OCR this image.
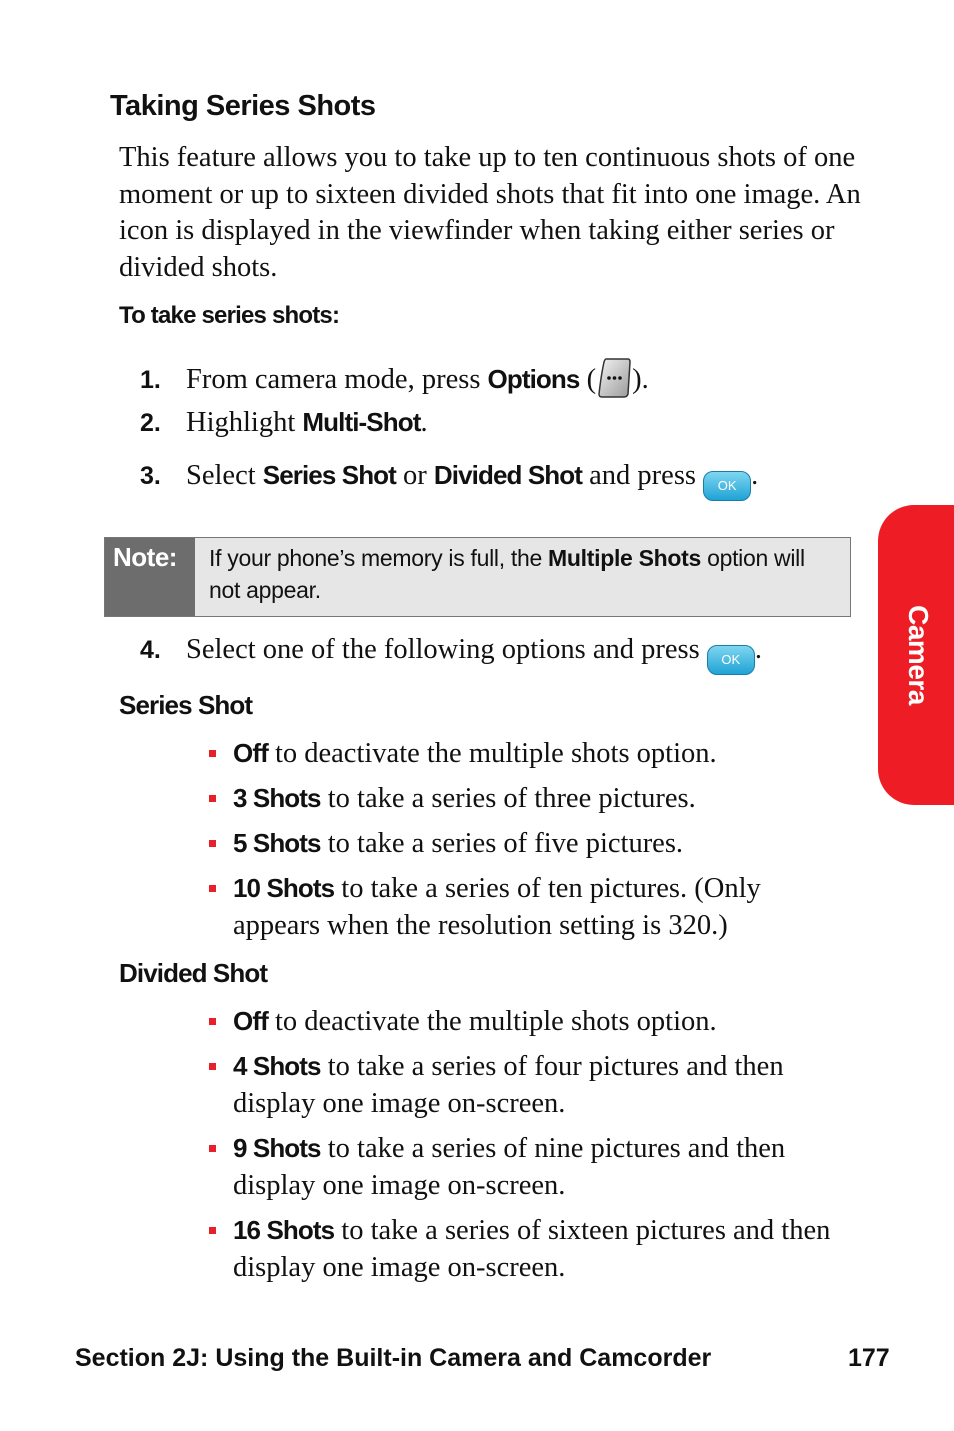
Taking Series Shots
This feature allows you to take up to ten continuous shots of one moment or up to sixteen divided shots that fit into one image. An icon is displayed in the viewfinder when taking either series or divided shots.
To take series shots:
1. From camera mode, press Options ( ).
2. Highlight Multi-Shot.
3. Select Series Shot or Divided Shot and press OK .
Note:	If your phone’s memory is full, the Multiple Shots option will not appear.
4. Select one of the following options and press OK .
Series Shot
Off to deactivate the multiple shots option.
3 Shots to take a series of three pictures.
5 Shots to take a series of five pictures.
10 Shots to take a series of ten pictures. (Only appears when the resolution setting is 320.)
Divided Shot
Off to deactivate the multiple shots option.
4 Shots to take a series of four pictures and then display one image on-screen.
9 Shots to take a series of nine pictures and then display one image on-screen.
16 Shots to take a series of sixteen pictures and then display one image on-screen.
Camera
Section 2J: Using the Built-in Camera and Camcorder	177
